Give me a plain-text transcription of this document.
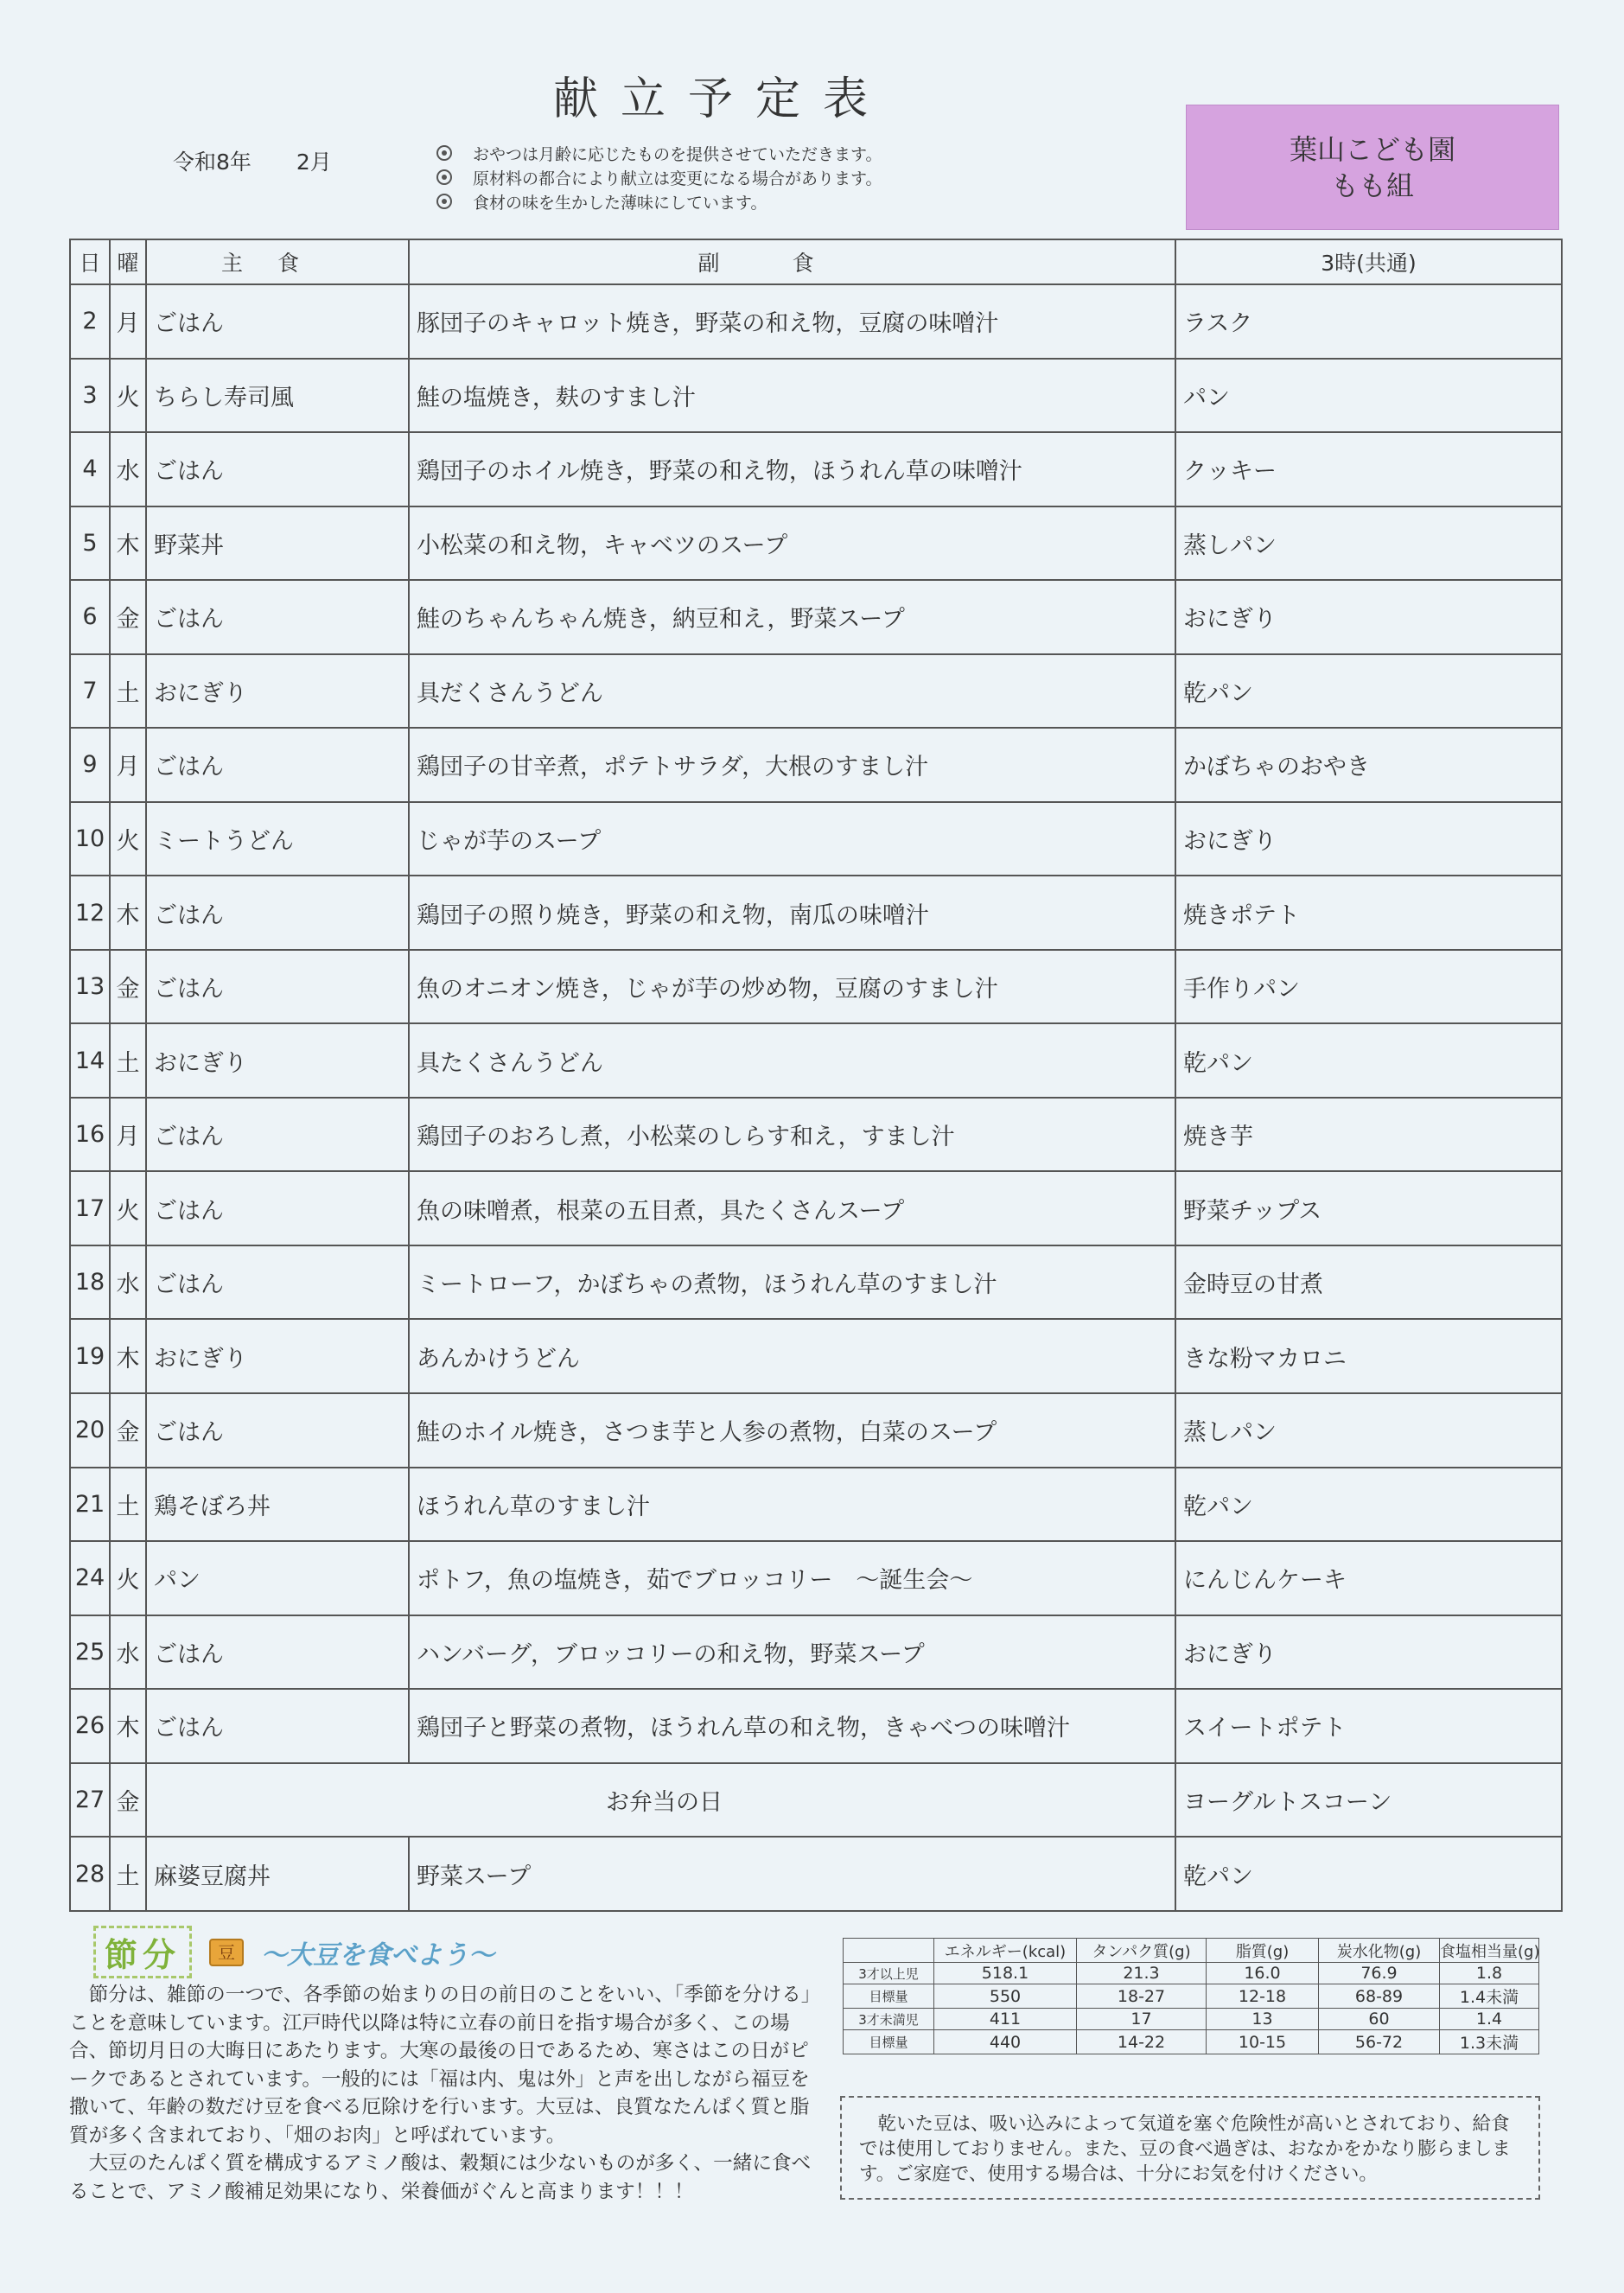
献立予定表
令和8年 2月	おやつは月齢に応じたものを提供させていただきます。
原材料の都合により献立は変更になる場合があります。
食材の味を生かした薄味にしています。
葉山こども園
もも組
日	曜	主食	副食	3時(共通)
2	月	ごはん	豚団子のキャロット焼き，野菜の和え物，豆腐の味噌汁	ラスク
3	火	ちらし寿司風	鮭の塩焼き，麸のすまし汁	パン
4	水	ごはん	鶏団子のホイル焼き，野菜の和え物，ほうれん草の味噌汁	クッキー
5	木	野菜丼	小松菜の和え物，キャベツのスープ	蒸しパン
6	金	ごはん	鮭のちゃんちゃん焼き，納豆和え，野菜スープ	おにぎり
7	土	おにぎり	具だくさんうどん	乾パン
9	月	ごはん	鶏団子の甘辛煮，ポテトサラダ，大根のすまし汁	かぼちゃのおやき
10	火	ミートうどん	じゃが芋のスープ	おにぎり
12	木	ごはん	鶏団子の照り焼き，野菜の和え物，南瓜の味噌汁	焼きポテト
13	金	ごはん	魚のオニオン焼き，じゃが芋の炒め物，豆腐のすまし汁	手作りパン
14	土	おにぎり	具たくさんうどん	乾パン
16	月	ごはん	鶏団子のおろし煮，小松菜のしらす和え，すまし汁	焼き芋
17	火	ごはん	魚の味噌煮，根菜の五目煮，具たくさんスープ	野菜チップス
18	水	ごはん	ミートローフ，かぼちゃの煮物，ほうれん草のすまし汁	金時豆の甘煮
19	木	おにぎり	あんかけうどん	きな粉マカロニ
20	金	ごはん	鮭のホイル焼き，さつま芋と人参の煮物，白菜のスープ	蒸しパン
21	土	鶏そぼろ丼	ほうれん草のすまし汁	乾パン
24	火	パン	ポトフ，魚の塩焼き，茹でブロッコリー　～誕生会～	にんじんケーキ
25	水	ごはん	ハンバーグ，ブロッコリーの和え物，野菜スープ	おにぎり
26	木	ごはん	鶏団子と野菜の煮物，ほうれん草の和え物，きゃべつの味噌汁	スイートポテト
27	金	お弁当の日		ヨーグルトスコーン
28	土	麻婆豆腐丼	野菜スープ	乾パン
節分	豆	～大豆を食べよう～

節分は、雑節の一つで、各季節の始まりの日の前日のことをいい、「季節を分ける」ことを意味しています。江戸時代以降は特に立春の前日を指す場合が多く、この場合、節切月日の大晦日にあたります。大寒の最後の日であるため、寒さはこの日がピークであるとされています。一般的には「福は内、鬼は外」と声を出しながら福豆を撒いて、年齢の数だけ豆を食べる厄除けを行います。大豆は、良質なたんぱく質と脂質が多く含まれており、「畑のお肉」と呼ばれています。

大豆のたんぱく質を構成するアミノ酸は、穀類には少ないものが多く、一緒に食べることで、アミノ酸補足効果になり、栄養価がぐんと高まります！！！

	エネルギー(kcal)	タンパク質(g)	脂質(g)	炭水化物(g)	食塩相当量(g)
3才以上児	518.1	21.3	16.0	76.9	1.8
目標量	550	18-27	12-18	68-89	1.4未満
3才未満児	411	17	13	60	1.4
目標量	440	14-22	10-15	56-72	1.3未満
乾いた豆は、吸い込みによって気道を塞ぐ危険性が高いとされており、給食では使用しておりません。また、豆の食べ過ぎは、おなかをかなり膨らまします。ご家庭で、使用する場合は、十分にお気を付けください。
